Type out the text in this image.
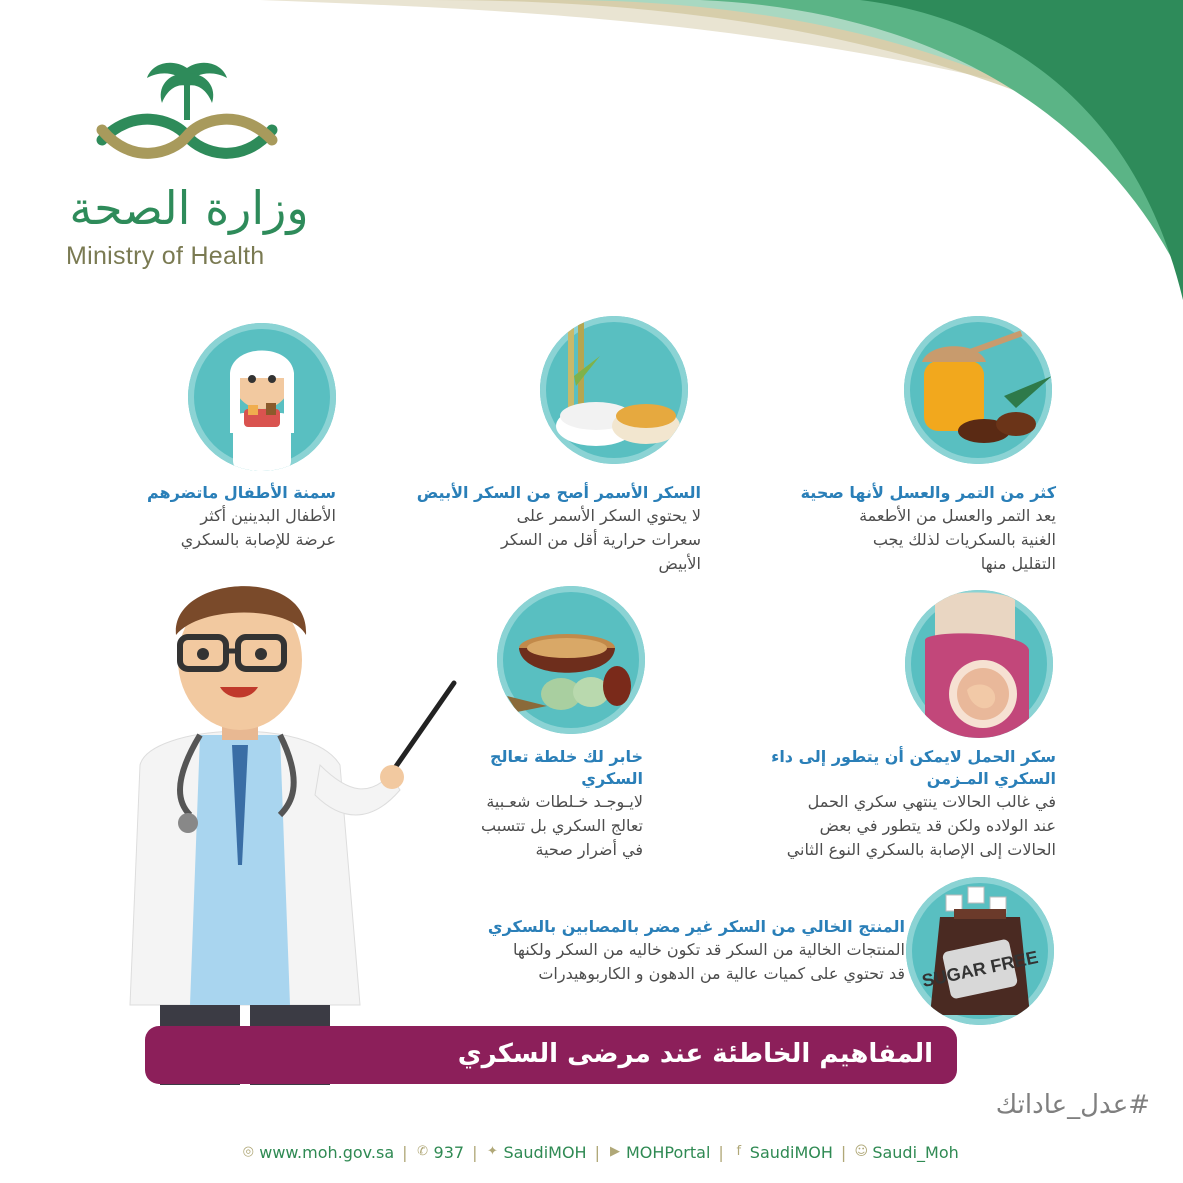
وزارة الصحة
Ministry of Health
SUGAR FREE
كثر من التمر والعسل لأنها صحية
يعد التمر والعسل من الأطعمة
الغنية بالسكريات لذلك يجب
التقليل منها
السكر الأسمر أصح من السكر الأبيض
لا يحتوي السكر الأسمر على
سعرات حرارية أقل من السكر
الأبيض
سمنة الأطفال ماتضرهم
الأطفال البدينين أكثر
عرضة للإصابة بالسكري
سكر الحمل لايمكن أن يتطور إلى داء
السكري المـزمن
في غالب الحالات ينتهي سكري الحمل
عند الولاده ولكن قد يتطور في بعض
الحالات إلى الإصابة بالسكري النوع الثاني
خابر لك خلطة تعالج
السكري
لايـوجـد خـلطات شعـبية
تعالج السكري بل تتسبب
في أضرار صحية
المنتج الخالي من السكر غير مضر بالمصابين بالسكري
المنتجات الخالية من السكر قد تكون خاليه من السكر ولكنها
قد تحتوي على كميات عالية من الدهون و الكاربوهيدرات
المفاهيم الخاطئة عند مرضى السكري
#عدل_عاداتك
◎ www.moh.gov.sa | ✆ 937 | ✦ SaudiMOH | ▶ MOHPortal | f SaudiMOH | ☺ Saudi_Moh
